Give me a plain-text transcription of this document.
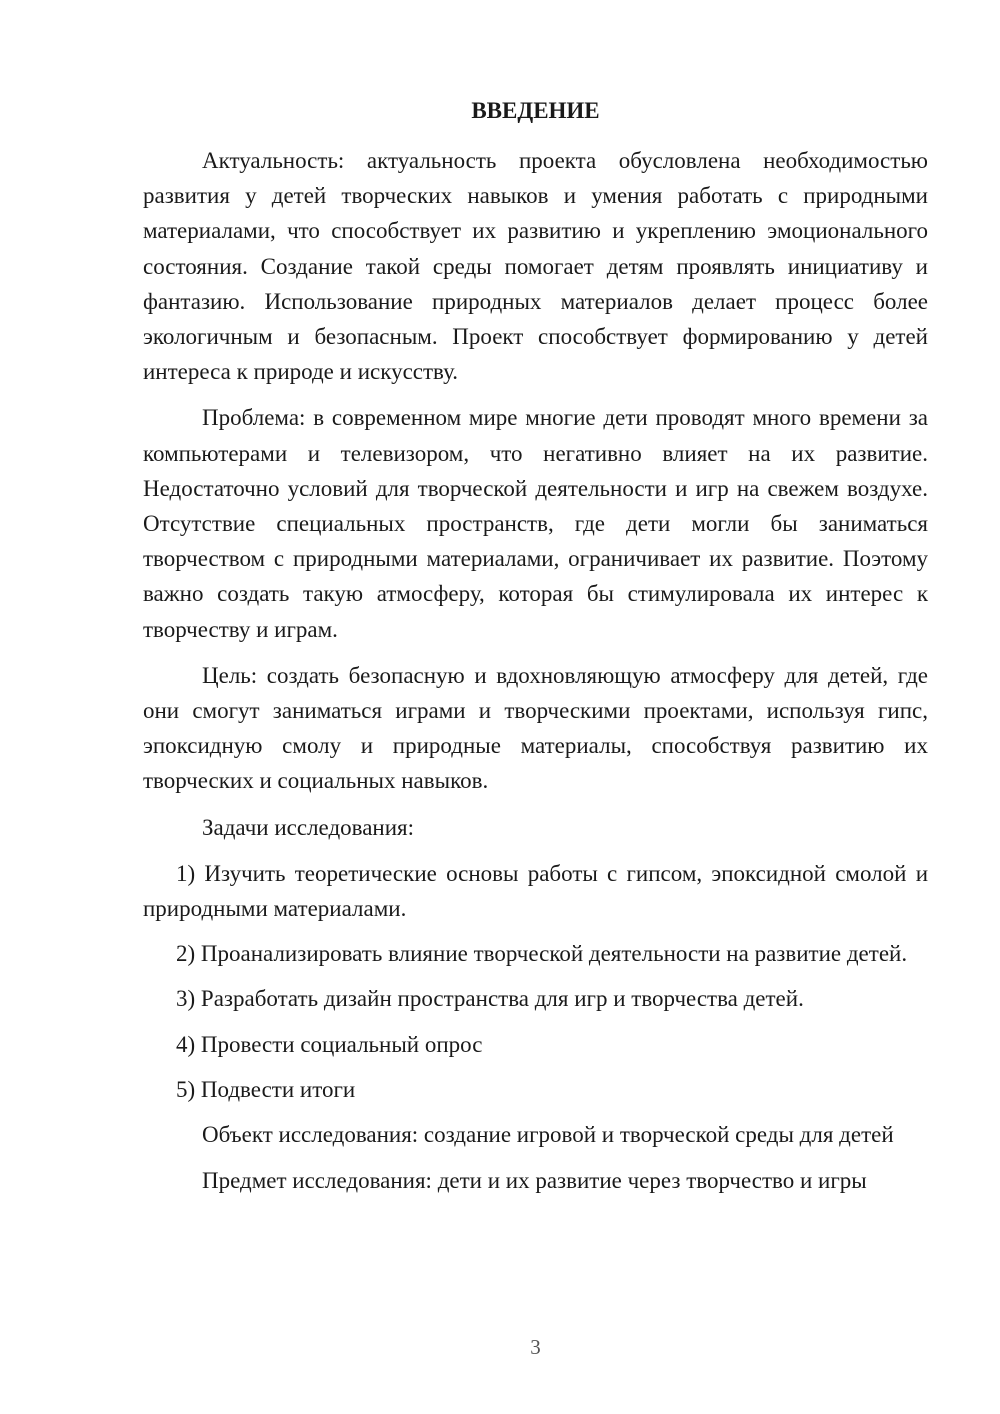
ВВЕДЕНИЕ

Актуальность: актуальность проекта обусловлена необходимостью развития у детей творческих навыков и умения работать с природными материалами, что способствует их развитию и укреплению эмоционального состояния. Создание такой среды помогает детям проявлять инициативу и фантазию. Использование природных материалов делает процесс более экологичным и безопасным. Проект способствует формированию у детей интереса к природе и искусству.

Проблема: в современном мире многие дети проводят много времени за компьютерами и телевизором, что негативно влияет на их развитие. Недостаточно условий для творческой деятельности и игр на свежем воздухе. Отсутствие специальных пространств, где дети могли бы заниматься творчеством с природными материалами, ограничивает их развитие. Поэтому важно создать такую атмосферу, которая бы стимулировала их интерес к творчеству и играм.

Цель: создать безопасную и вдохновляющую атмосферу для детей, где они смогут заниматься играми и творческими проектами, используя гипс, эпоксидную смолу и природные материалы, способствуя развитию их творческих и социальных навыков.

Задачи исследования:

1) Изучить теоретические основы работы с гипсом, эпоксидной смолой и природными материалами.

2) Проанализировать влияние творческой деятельности на развитие детей.

3) Разработать дизайн пространства для игр и творчества детей.

4) Провести социальный опрос

5) Подвести итоги

Объект исследования: создание игровой и творческой среды для детей

Предмет исследования: дети и их развитие через творчество и игры

3
